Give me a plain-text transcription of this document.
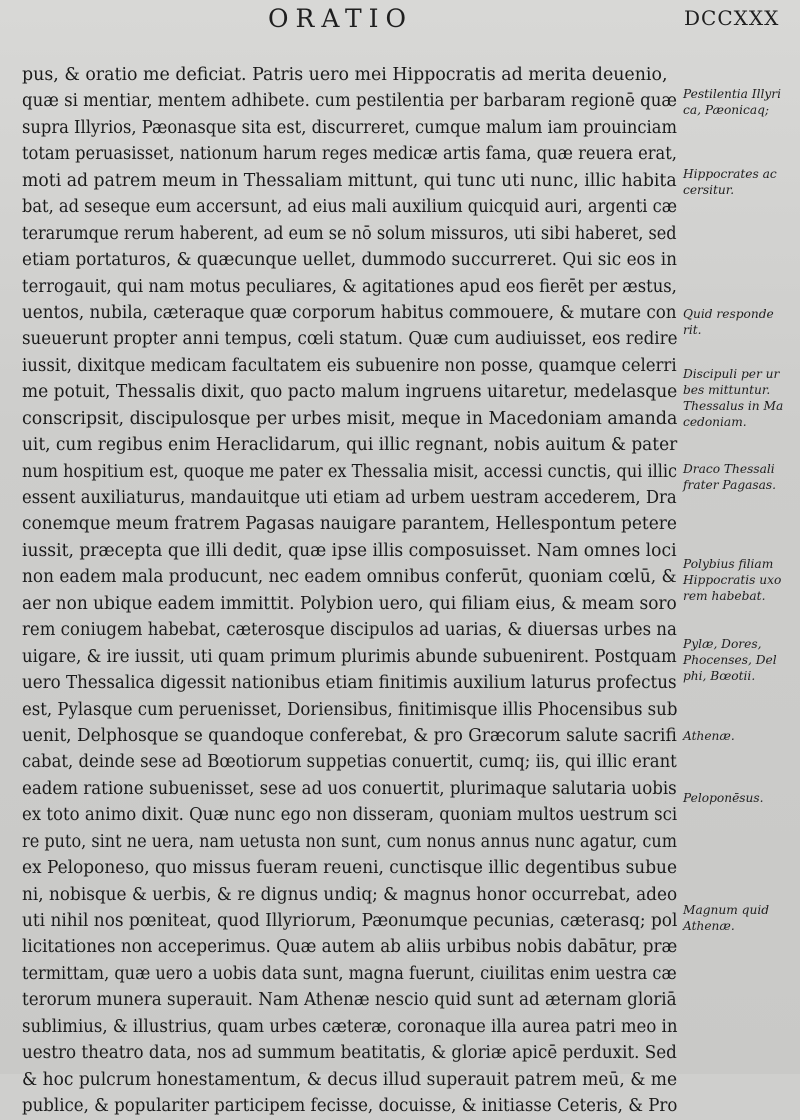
ORATIO	DCCXXX
pus, & oratio me deficiat. Patris uero mei Hippocratis ad merita deuenio,
quæ si mentiar, mentem adhibete. cum pestilentia per barbaram regionē quæ
supra Illyrios, Pæonasque sita est, discurreret, cumque malum iam prouinciam
totam peruasisset, nationum harum reges medicæ artis fama, quæ reuera erat,
moti ad patrem meum in Thessaliam mittunt, qui tunc uti nunc, illic habita
bat, ad seseque eum accersunt, ad eius mali auxilium quicquid auri, argenti cæ
terarumque rerum haberent, ad eum se nō solum missuros, uti sibi haberet, sed
etiam portaturos, & quæcunque uellet, dummodo succurreret. Qui sic eos in
terrogauit, qui nam motus peculiares, & agitationes apud eos fierēt per æstus,
uentos, nubila, cæteraque quæ corporum habitus commouere, & mutare con
sueuerunt propter anni tempus, cœli statum. Quæ cum audiuisset, eos redire
iussit, dixitque medicam facultatem eis subuenire non posse, quamque celerri
me potuit, Thessalis dixit, quo pacto malum ingruens uitaretur, medelasque
conscripsit, discipulosque per urbes misit, meque in Macedoniam amanda
uit, cum regibus enim Heraclidarum, qui illic regnant, nobis auitum & pater
num hospitium est, quoque me pater ex Thessalia misit, accessi cunctis, qui illic
essent auxiliaturus, mandauitque uti etiam ad urbem uestram accederem, Dra
conemque meum fratrem Pagasas nauigare parantem, Hellespontum petere
iussit, præcepta que illi dedit, quæ ipse illis composuisset. Nam omnes loci
non eadem mala producunt, nec eadem omnibus conferūt, quoniam cœlū, &
aer non ubique eadem immittit. Polybion uero, qui filiam eius, & meam soro
rem coniugem habebat, cæterosque discipulos ad uarias, & diuersas urbes na
uigare, & ire iussit, uti quam primum plurimis abunde subuenirent. Postquam
uero Thessalica digessit nationibus etiam finitimis auxilium laturus profectus
est, Pylasque cum peruenisset, Doriensibus, finitimisque illis Phocensibus sub
uenit, Delphosque se quandoque conferebat, & pro Græcorum salute sacrifi
cabat, deinde sese ad Bœotiorum suppetias conuertit, cumq; iis, qui illic erant
eadem ratione subuenisset, sese ad uos conuertit, plurimaque salutaria uobis
ex toto animo dixit. Quæ nunc ego non disseram, quoniam multos uestrum sci
re puto, sint ne uera, nam uetusta non sunt, cum nonus annus nunc agatur, cum
ex Peloponeso, quo missus fueram reueni, cunctisque illic degentibus subue
ni, nobisque & uerbis, & re dignus undiq; & magnus honor occurrebat, adeo
uti nihil nos pœniteat, quod Illyriorum, Pæonumque pecunias, cæterasq; pol
licitationes non acceperimus. Quæ autem ab aliis urbibus nobis dabātur, præ
termittam, quæ uero a uobis data sunt, magna fuerunt, ciuilitas enim uestra cæ
terorum munera superauit. Nam Athenæ nescio quid sunt ad æternam gloriā
sublimius, & illustrius, quam urbes cæteræ, coronaque illa aurea patri meo in
uestro theatro data, nos ad summum beatitatis, & gloriæ apicē perduxit. Sed
& hoc pulcrum honestamentum, & decus illud superauit patrem meū, & me
publice, & populariter participem fecisse, docuisse, & initiasse Ceteris, & Pro
Pestilentia Illyri
ca, Pæonicaq;
Hippocrates ac
cersitur.
Quid responde
rit.
Discipuli per ur
bes mittuntur.
Thessalus in Ma
cedoniam.
Draco Thessali
frater Pagasas.
Polybius filiam
Hippocratis uxo
rem habebat.
Pylæ, Dores,
Phocenses, Del
phi, Bœotii.
Athenæ.
Peloponēsus.
Magnum quid
Athenæ.
